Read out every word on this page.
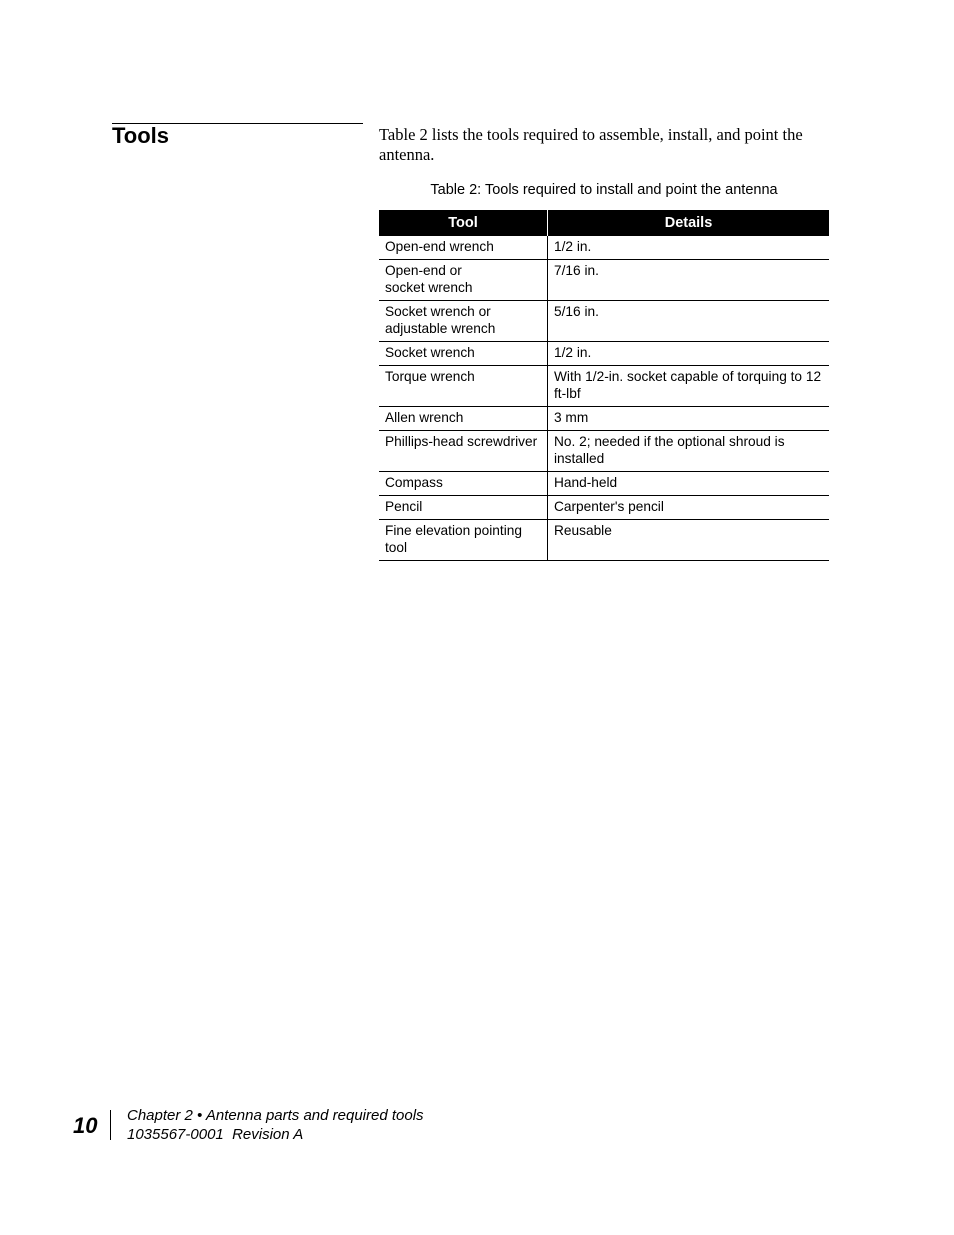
Tools	Table 2 lists the tools required to assemble, install, and point the antenna.
Table 2: Tools required to install and point the antenna
Tool	Details
Open-end wrench	1/2 in.
Open-end or
socket wrench	7/16 in.
Socket wrench or
adjustable wrench	5/16 in.
Socket wrench	1/2 in.
Torque wrench	With 1/2-in. socket capable of torquing to 12 ft-lbf
Allen wrench	3 mm
Phillips-head screwdriver	No. 2; needed if the optional shroud is installed
Compass	Hand-held
Pencil	Carpenter's pencil
Fine elevation pointing tool	Reusable
10 Chapter 2 • Antenna parts and required tools
1035567-0001  Revision A
